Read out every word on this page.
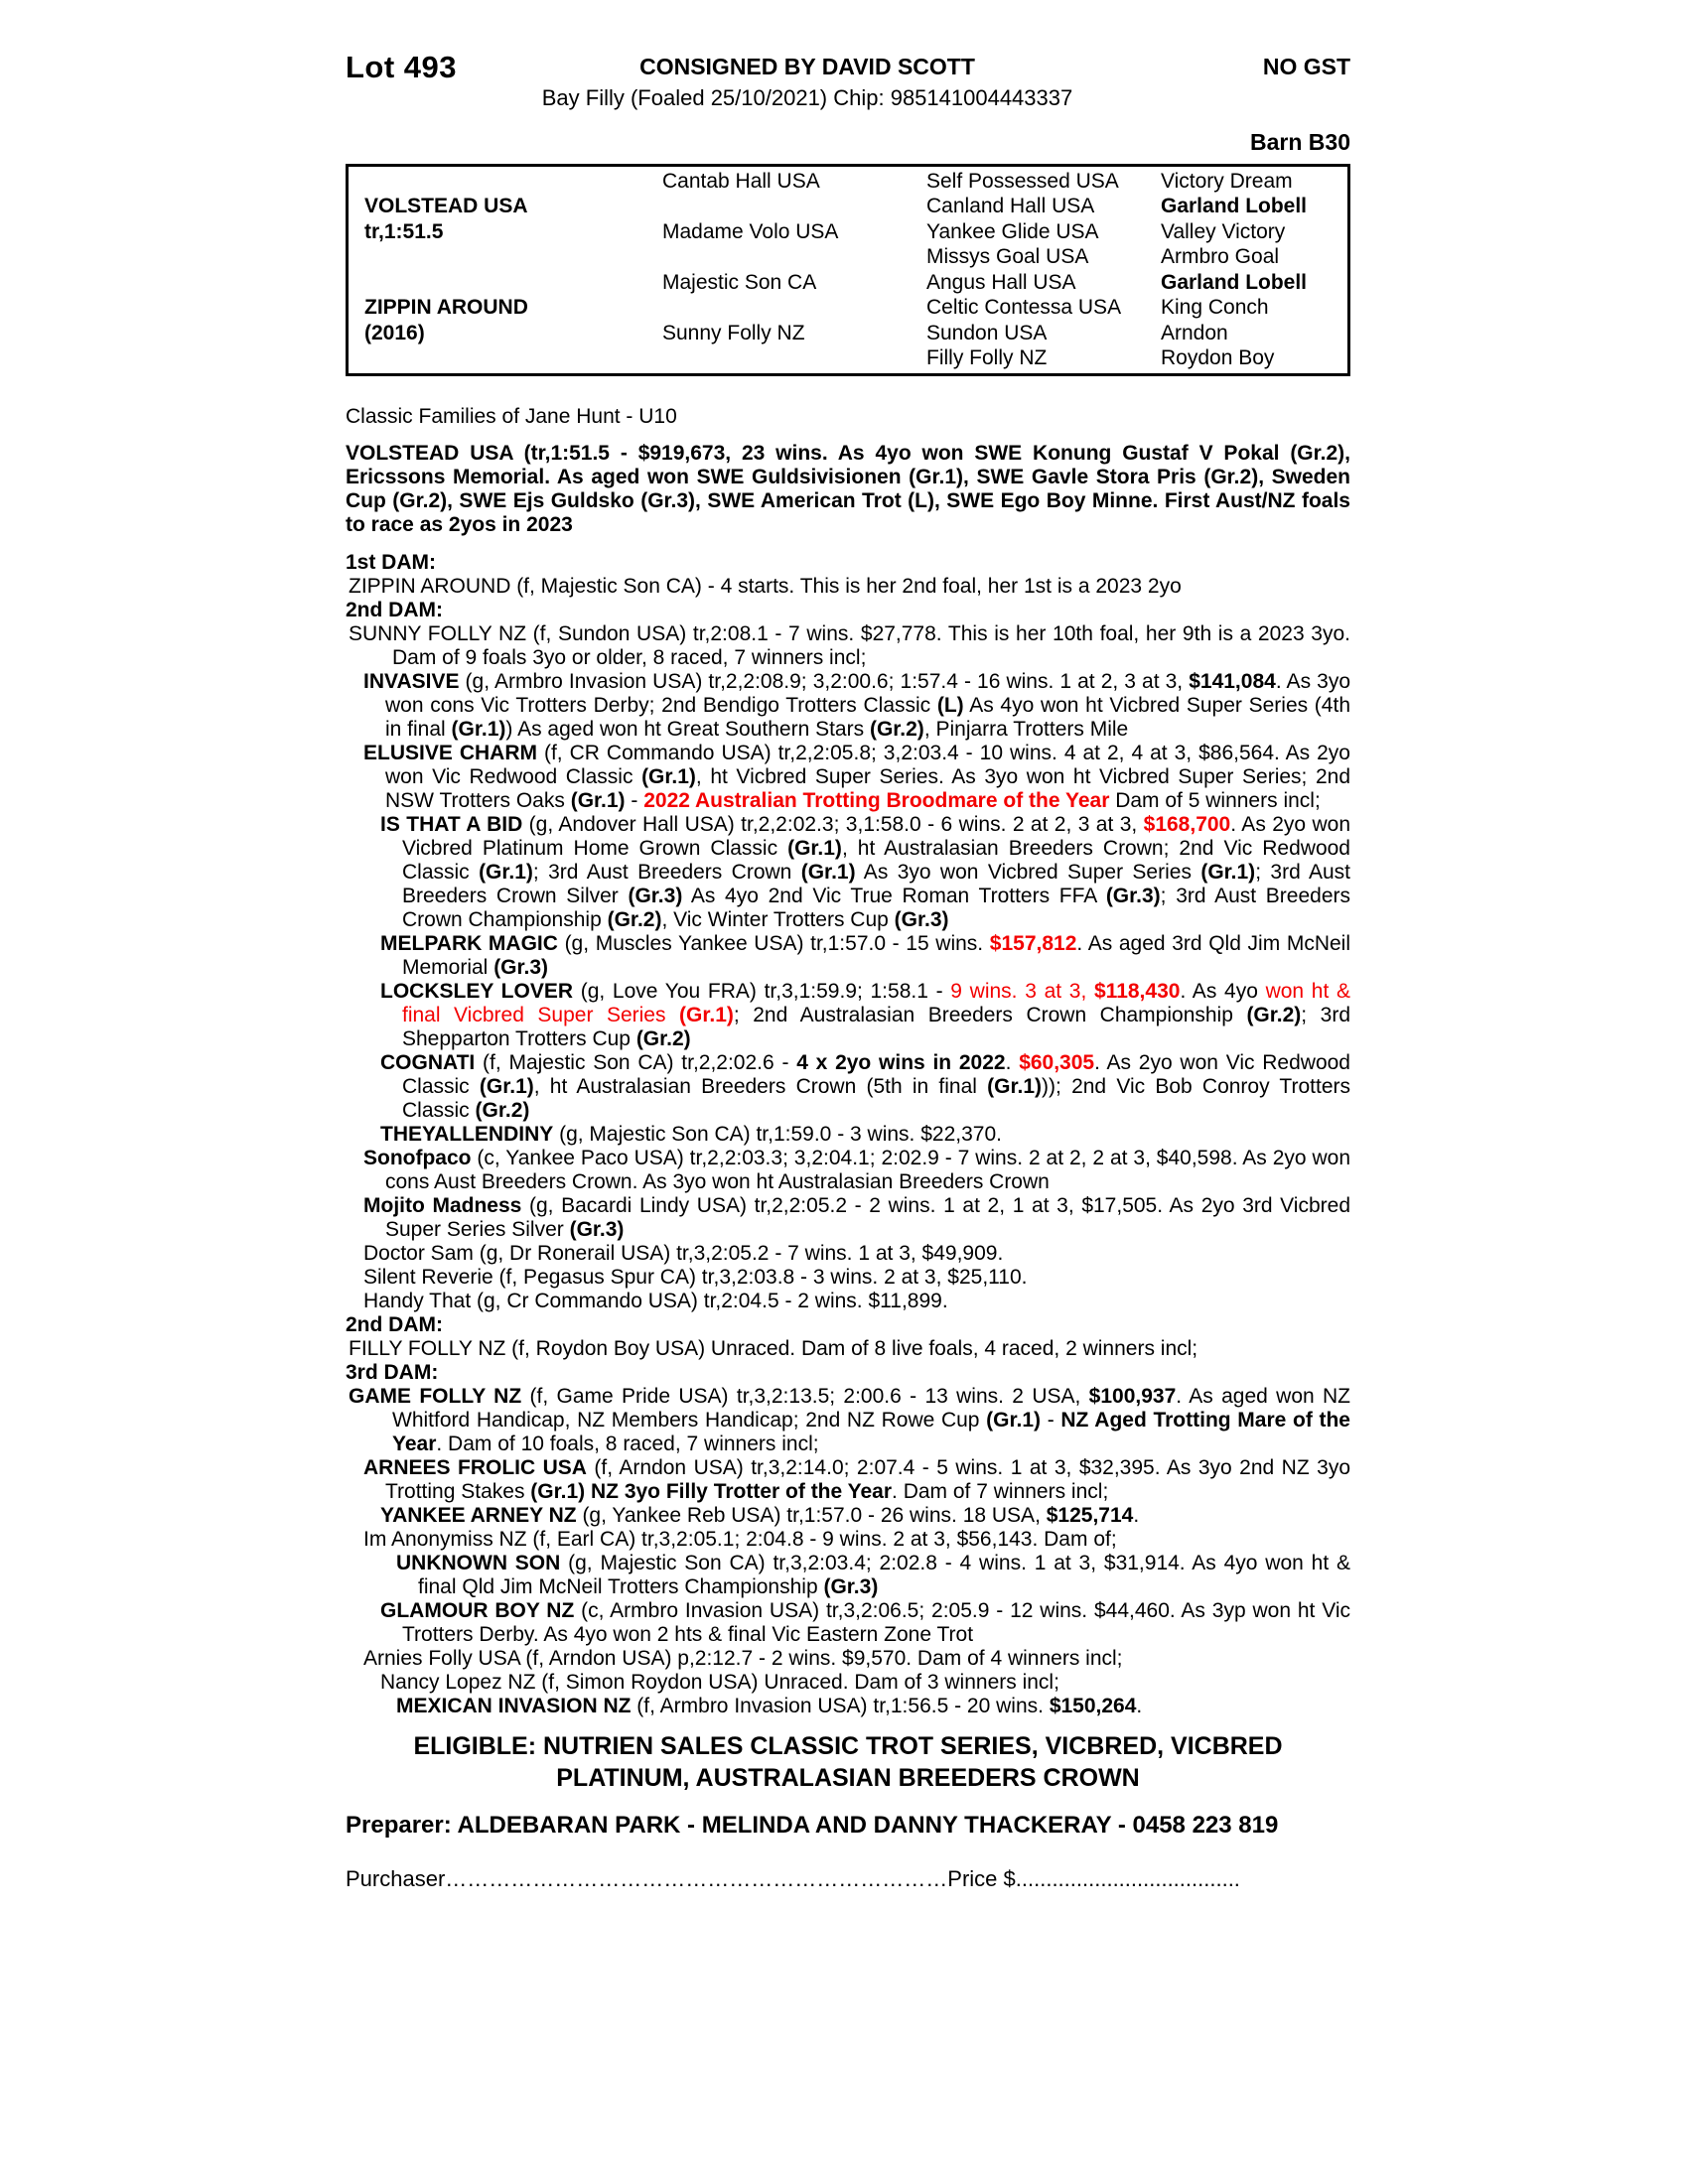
Lot 493	CONSIGNED BY DAVID SCOTT	NO GST
Bay Filly (Foaled 25/10/2021) Chip: 985141004443337
Barn B30
VOLSTEAD USA
tr,1:51.5
ZIPPIN AROUND
(2016)
Cantab Hall USA
Madame Volo USA
Majestic Son CA
Sunny Folly NZ
Self Possessed USA
Canland Hall USA
Yankee Glide USA
Missys Goal USA
Angus Hall USA
Celtic Contessa USA
Sundon USA
Filly Folly NZ
Victory Dream
Garland Lobell
Valley Victory
Armbro Goal
Garland Lobell
King Conch
Arndon
Roydon Boy
Classic Families of Jane Hunt - U10
VOLSTEAD USA (tr,1:51.5 - $919,673, 23 wins. As 4yo won SWE Konung Gustaf V Pokal (Gr.2), Ericssons Memorial. As aged won SWE Guldsivisionen (Gr.1), SWE Gavle Stora Pris (Gr.2), Sweden Cup (Gr.2), SWE Ejs Guldsko (Gr.3), SWE American Trot (L), SWE Ego Boy Minne. First Aust/NZ foals to race as 2yos in 2023
1st DAM:
ZIPPIN AROUND (f, Majestic Son CA) - 4 starts. This is her 2nd foal, her 1st is a 2023 2yo
2nd DAM:
SUNNY FOLLY NZ (f, Sundon USA) tr,2:08.1 - 7 wins. $27,778. This is her 10th foal, her 9th is a 2023 3yo. Dam of 9 foals 3yo or older, 8 raced, 7 winners incl;
INVASIVE (g, Armbro Invasion USA) tr,2,2:08.9; 3,2:00.6; 1:57.4 - 16 wins. 1 at 2, 3 at 3, $141,084. As 3yo won cons Vic Trotters Derby; 2nd Bendigo Trotters Classic (L) As 4yo won ht Vicbred Super Series (4th in final (Gr.1)) As aged won ht Great Southern Stars (Gr.2), Pinjarra Trotters Mile
ELUSIVE CHARM (f, CR Commando USA) tr,2,2:05.8; 3,2:03.4 - 10 wins. 4 at 2, 4 at 3, $86,564. As 2yo won Vic Redwood Classic (Gr.1), ht Vicbred Super Series. As 3yo won ht Vicbred Super Series; 2nd NSW Trotters Oaks (Gr.1) - 2022 Australian Trotting Broodmare of the Year Dam of 5 winners incl;
IS THAT A BID (g, Andover Hall USA) tr,2,2:02.3; 3,1:58.0 - 6 wins. 2 at 2, 3 at 3, $168,700. As 2yo won Vicbred Platinum Home Grown Classic (Gr.1), ht Australasian Breeders Crown; 2nd Vic Redwood Classic (Gr.1); 3rd Aust Breeders Crown (Gr.1) As 3yo won Vicbred Super Series (Gr.1); 3rd Aust Breeders Crown Silver (Gr.3) As 4yo 2nd Vic True Roman Trotters FFA (Gr.3); 3rd Aust Breeders Crown Championship (Gr.2), Vic Winter Trotters Cup (Gr.3)
MELPARK MAGIC (g, Muscles Yankee USA) tr,1:57.0 - 15 wins. $157,812. As aged 3rd Qld Jim McNeil Memorial (Gr.3)
LOCKSLEY LOVER (g, Love You FRA) tr,3,1:59.9; 1:58.1 - 9 wins. 3 at 3, $118,430. As 4yo won ht & final Vicbred Super Series (Gr.1); 2nd Australasian Breeders Crown Championship (Gr.2); 3rd Shepparton Trotters Cup (Gr.2)
COGNATI (f, Majestic Son CA) tr,2,2:02.6 - 4 x 2yo wins in 2022. $60,305. As 2yo won Vic Redwood Classic (Gr.1), ht Australasian Breeders Crown (5th in final (Gr.1))); 2nd Vic Bob Conroy Trotters Classic (Gr.2)
THEYALLENDINY (g, Majestic Son CA) tr,1:59.0 - 3 wins. $22,370.
Sonofpaco (c, Yankee Paco USA) tr,2,2:03.3; 3,2:04.1; 2:02.9 - 7 wins. 2 at 2, 2 at 3, $40,598. As 2yo won cons Aust Breeders Crown. As 3yo won ht Australasian Breeders Crown
Mojito Madness (g, Bacardi Lindy USA) tr,2,2:05.2 - 2 wins. 1 at 2, 1 at 3, $17,505. As 2yo 3rd Vicbred Super Series Silver (Gr.3)
Doctor Sam (g, Dr Ronerail USA) tr,3,2:05.2 - 7 wins. 1 at 3, $49,909.
Silent Reverie (f, Pegasus Spur CA) tr,3,2:03.8 - 3 wins. 2 at 3, $25,110.
Handy That (g, Cr Commando USA) tr,2:04.5 - 2 wins. $11,899.
2nd DAM:
FILLY FOLLY NZ (f, Roydon Boy USA) Unraced. Dam of 8 live foals, 4 raced, 2 winners incl;
3rd DAM:
GAME FOLLY NZ (f, Game Pride USA) tr,3,2:13.5; 2:00.6 - 13 wins. 2 USA, $100,937. As aged won NZ Whitford Handicap, NZ Members Handicap; 2nd NZ Rowe Cup (Gr.1) - NZ Aged Trotting Mare of the Year. Dam of 10 foals, 8 raced, 7 winners incl;
ARNEES FROLIC USA (f, Arndon USA) tr,3,2:14.0; 2:07.4 - 5 wins. 1 at 3, $32,395. As 3yo 2nd NZ 3yo Trotting Stakes (Gr.1) NZ 3yo Filly Trotter of the Year. Dam of 7 winners incl;
YANKEE ARNEY NZ (g, Yankee Reb USA) tr,1:57.0 - 26 wins. 18 USA, $125,714.
Im Anonymiss NZ (f, Earl CA) tr,3,2:05.1; 2:04.8 - 9 wins. 2 at 3, $56,143. Dam of;
UNKNOWN SON (g, Majestic Son CA) tr,3,2:03.4; 2:02.8 - 4 wins. 1 at 3, $31,914. As 4yo won ht & final Qld Jim McNeil Trotters Championship (Gr.3)
GLAMOUR BOY NZ (c, Armbro Invasion USA) tr,3,2:06.5; 2:05.9 - 12 wins. $44,460. As 3yp won ht Vic Trotters Derby. As 4yo won 2 hts & final Vic Eastern Zone Trot
Arnies Folly USA (f, Arndon USA) p,2:12.7 - 2 wins. $9,570. Dam of 4 winners incl;
Nancy Lopez NZ (f, Simon Roydon USA) Unraced. Dam of 3 winners incl;
MEXICAN INVASION NZ (f, Armbro Invasion USA) tr,1:56.5 - 20 wins. $150,264.
ELIGIBLE: NUTRIEN SALES CLASSIC TROT SERIES, VICBRED, VICBRED
PLATINUM, AUSTRALASIAN BREEDERS CROWN
Preparer: ALDEBARAN PARK - MELINDA AND DANNY THACKERAY - 0458 223 819
Purchaser……………………………………………………………Price $.....................................
